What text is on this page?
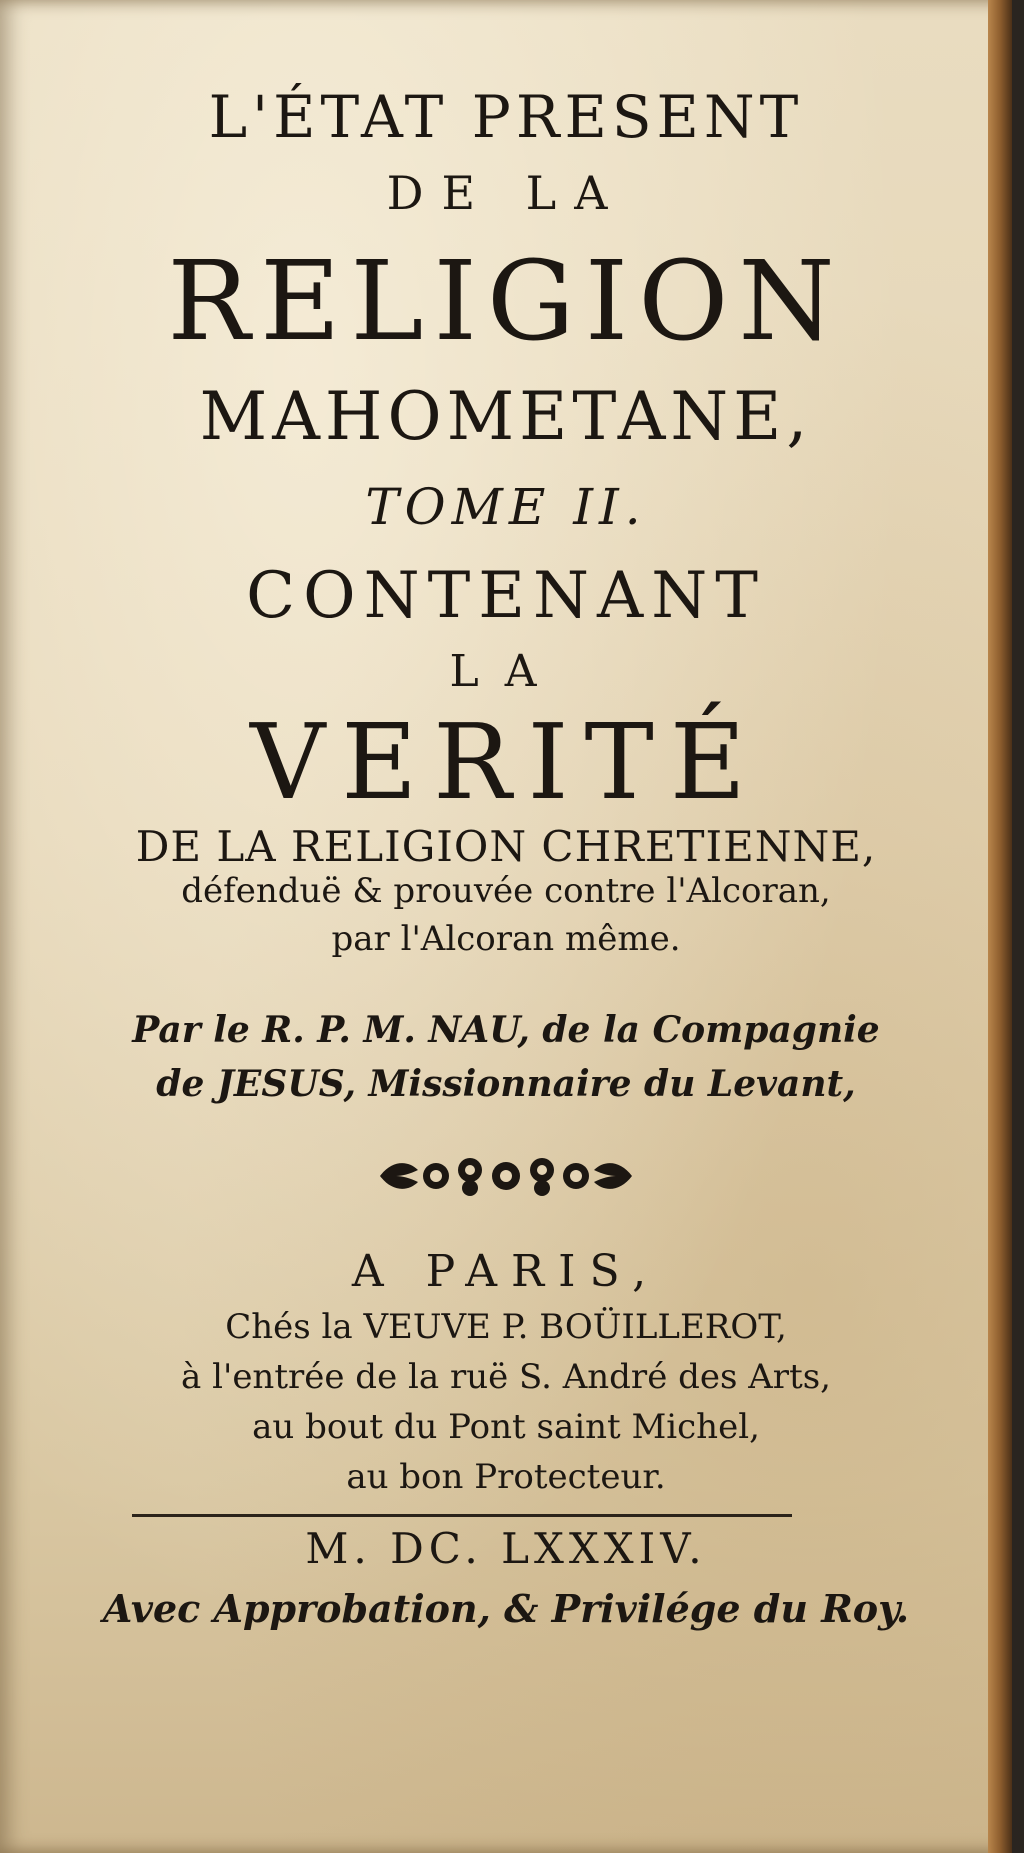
L'ÉTAT PRESENT

DE LA

RELIGION

MAHOMETANE,

TOME II.

CONTENANT

LA

VERITÉ

DE LA RELIGION CHRETIENNE,

défenduë & prouvée contre l'Alcoran,

par l'Alcoran même.

Par le R. P. M. NAU, de la Compagnie

de JESUS, Missionnaire du Levant,

A PARIS,

Chés la VEUVE P. BOÜILLEROT,

à l'entrée de la ruë S. André des Arts,

au bout du Pont saint Michel,

au bon Protecteur.

M. DC. LXXXIV.

Avec Approbation, & Privilége du Roy.
